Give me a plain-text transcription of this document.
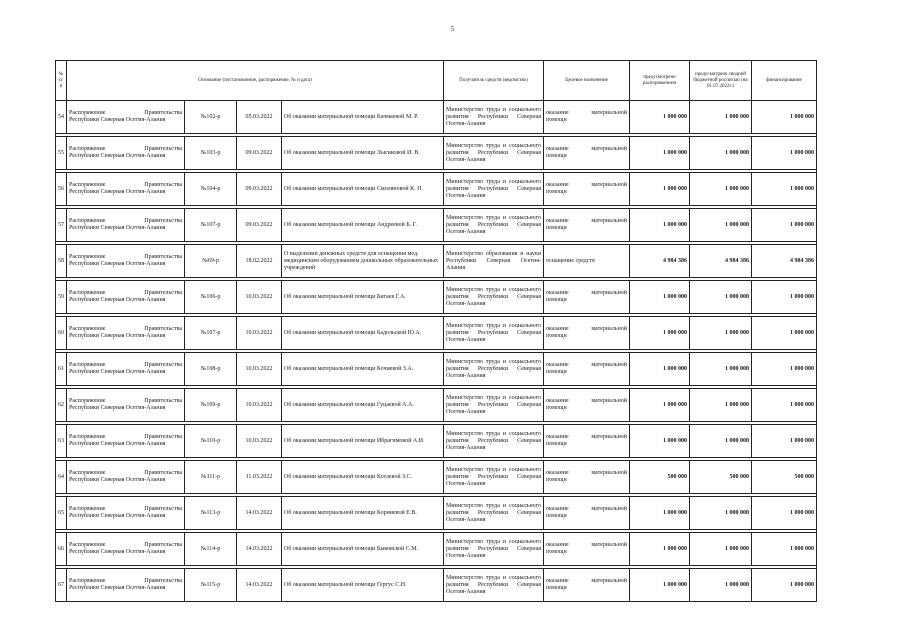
5
№ п/п	Основание (постановление, распоряжение, № и дата)				Получатель средств (ведомство)	Целевое назначение	предусмотрено распоряжением	предусмотрено сводной бюджетной росписью (на 01.07.2022г.)	финансирование
54	Распоряжение Правительства
Республики Северная Осетия-Алания	№102-р	05.03.2022	Об оказании материальной помощи Качмаевой М. Р.	Министерство труда и социального развития Республики Северная Осетия-Алания	оказание материальной
помощи	1 000 000	1 000 000	1 000 000

55	Распоряжение Правительства
Республики Северная Осетия-Алания	№103-р	09.03.2022	Об оказании материальной помощи Лысиковой И. В.	Министерство труда и социального развития Республики Северная Осетия-Алания	оказание материальной
помощи	1 000 000	1 000 000	1 000 000

56	Распоряжение Правительства
Республики Северная Осетия-Алания	№104-р	09.03.2022	Об оказании материальной помощи Смоляновой К. Н.	Министерство труда и социального развития Республики Северная Осетия-Алания	оказание материальной
помощи	1 000 000	1 000 000	1 000 000

57	Распоряжение Правительства
Республики Северная Осетия-Алания	№107-р	09.03.2022	Об оказании материальной помощи Андреевой Б. Г.	Министерство труда и социального развития Республики Северная Осетия-Алания	оказание материальной
помощи	1 000 000	1 000 000	1 000 000

58	Распоряжение Правительства
Республики Северная Осетия-Алания	№69-р	18.02.2022	О выделении денежных средств для оснащения мед. медицинским оборудованием дошкольных образовательных учреждений	Министерство образования и науки Республики Северная Осетия-Алания	оснащение средств	4 984 386	4 984 386	4 984 386

59	Распоряжение Правительства
Республики Северная Осетия-Алания	№106-р	10.03.2022	Об оказании материальной помощи Бигаев Г.А.	Министерство труда и социального развития Республики Северная Осетия-Алания	оказание материальной
помощи	1 000 000	1 000 000	1 000 000

60	Распоряжение Правительства
Республики Северная Осетия-Алания	№107-р	10.03.2022	Об оказании материальной помощи Бадольской Ю.А.	Министерство труда и социального развития Республики Северная Осетия-Алания	оказание материальной
помощи	1 000 000	1 000 000	1 000 000

61	Распоряжение Правительства
Республики Северная Осетия-Алания	№108-р	10.03.2022	Об оказании материальной помощи Кочиевой З.А.	Министерство труда и социального развития Республики Северная Осетия-Алания	оказание материальной
помощи	1 000 000	1 000 000	1 000 000

62	Распоряжение Правительства
Республики Северная Осетия-Алания	№109-р	10.03.2022	Об оказании материальной помощи Гуцаевой А.А.	Министерство труда и социального развития Республики Северная Осетия-Алания	оказание материальной
помощи	1 000 000	1 000 000	1 000 000

63	Распоряжение Правительства
Республики Северная Осетия-Алания	№110-р	10.03.2022	Об оказании материальной помощи Ибрагимовой А.И.	Министерство труда и социального развития Республики Северная Осетия-Алания	оказание материальной
помощи	1 000 000	1 000 000	1 000 000

64	Распоряжение Правительства
Республики Северная Осетия-Алания	№111-р	11.03.2022	Об оказании материальной помощи Котаевой З.С.	Министерство труда и социального развития Республики Северная Осетия-Алания	оказание материальной
помощи	500 000	500 000	500 000

65	Распоряжение Правительства
Республики Северная Осетия-Алания	№113-р	14.03.2022	Об оказании материальной помощи Корниевой Е.В.	Министерство труда и социального развития Республики Северная Осетия-Алания	оказание материальной
помощи	1 000 000	1 000 000	1 000 000

66	Распоряжение Правительства
Республики Северная Осетия-Алания	№114-р	14.03.2022	Об оказании материальной помощи Быковской С.М.	Министерство труда и социального развития Республики Северная Осетия-Алания	оказание материальной
помощи	1 000 000	1 000 000	1 000 000

67	Распоряжение Правительства
Республики Северная Осетия-Алания	№115-р	14.03.2022	Об оказании материальной помощи Гергус С.Н.	Министерство труда и социального развития Республики Северная Осетия-Алания	оказание материальной
помощи	1 000 000	1 000 000	1 000 000
